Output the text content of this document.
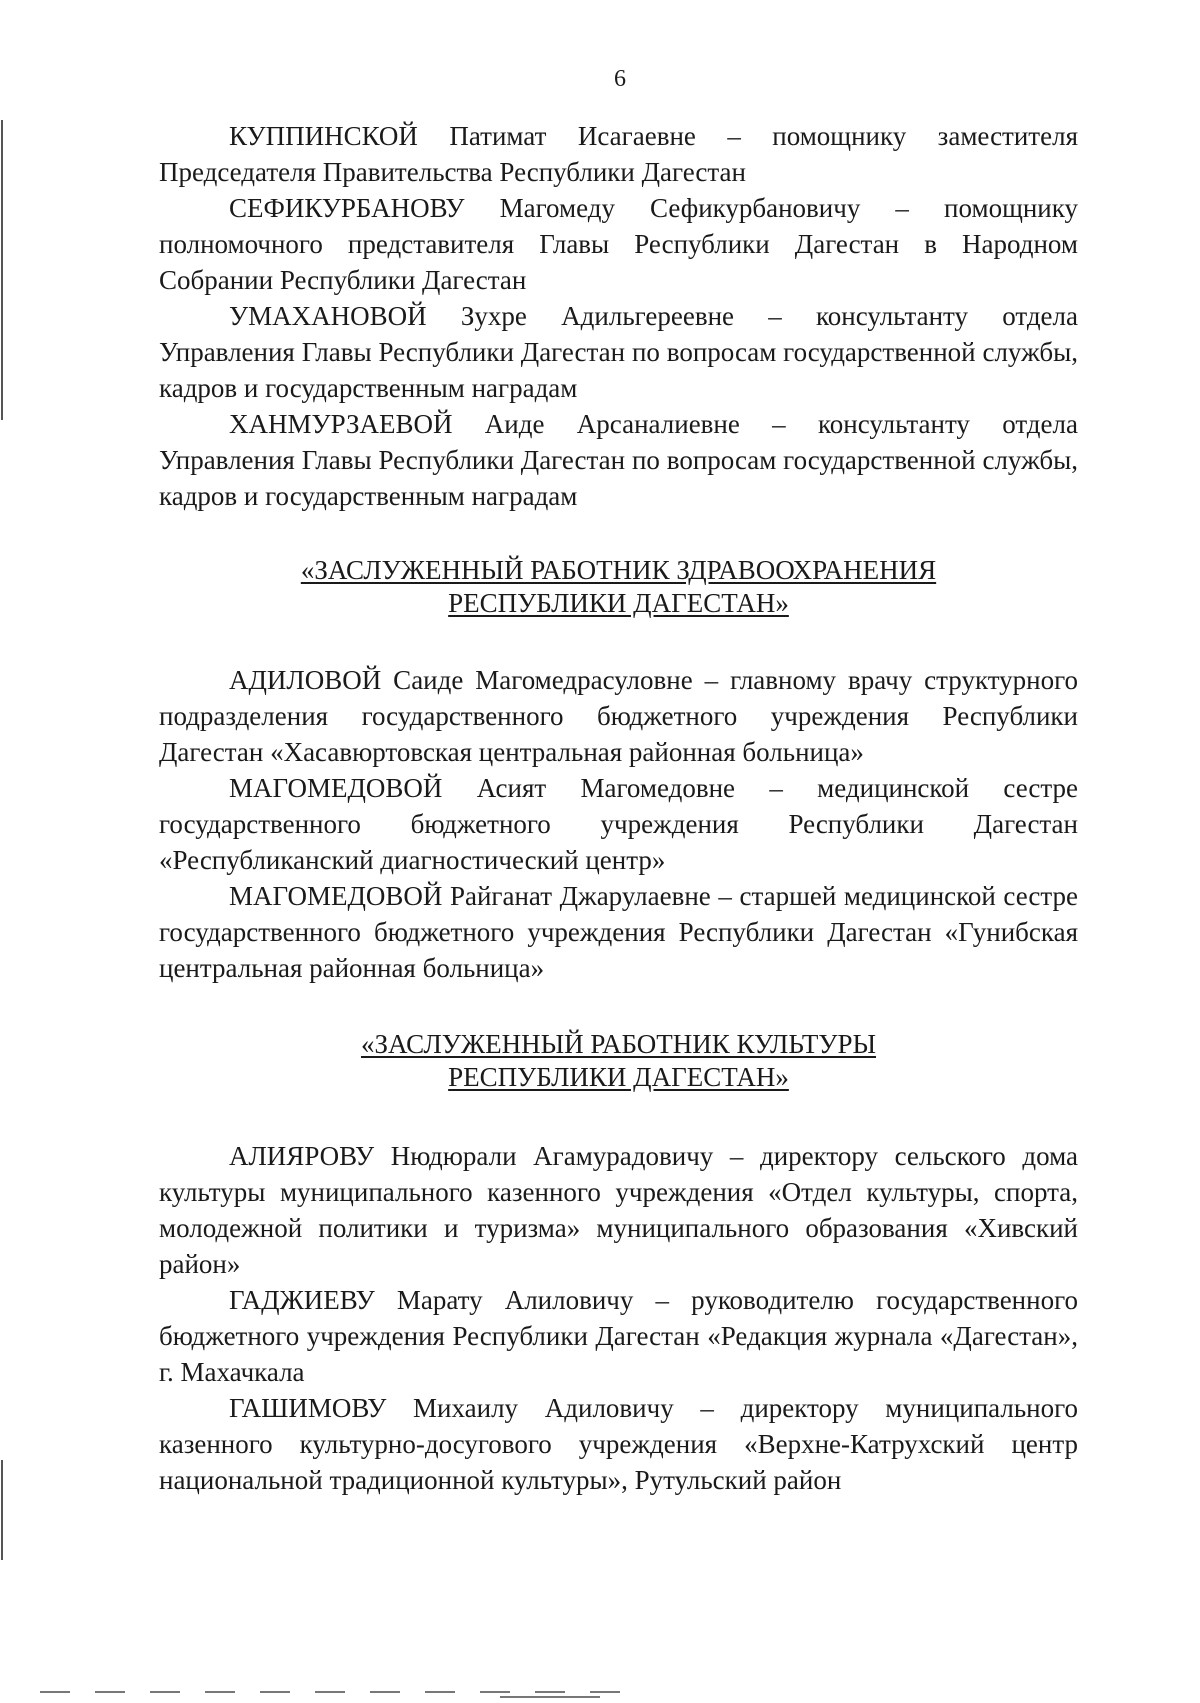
6

КУППИНСКОЙ Патимат Исагаевне – помощнику заместителя Председателя Правительства Республики Дагестан

СЕФИКУРБАНОВУ Магомеду Сефикурбановичу – помощнику полномочного представителя Главы Республики Дагестан в Народном Собрании Республики Дагестан

УМАХАНОВОЙ Зухре Адильгереевне – консультанту отдела Управления Главы Республики Дагестан по вопросам государственной службы, кадров и государственным наградам

ХАНМУРЗАЕВОЙ Аиде Арсаналиевне – консультанту отдела Управления Главы Республики Дагестан по вопросам государственной службы, кадров и государственным наградам

«ЗАСЛУЖЕННЫЙ РАБОТНИК ЗДРАВООХРАНЕНИЯ
РЕСПУБЛИКИ ДАГЕСТАН»

АДИЛОВОЙ Саиде Магомедрасуловне – главному врачу структурного подразделения государственного бюджетного учреждения Республики Дагестан «Хасавюртовская центральная районная больница»

МАГОМЕДОВОЙ Асият Магомедовне – медицинской сестре государственного бюджетного учреждения Республики Дагестан «Республиканский диагностический центр»

МАГОМЕДОВОЙ Райганат Джарулаевне – старшей медицинской сестре государственного бюджетного учреждения Республики Дагестан «Гунибская центральная районная больница»

«ЗАСЛУЖЕННЫЙ РАБОТНИК КУЛЬТУРЫ
РЕСПУБЛИКИ ДАГЕСТАН»

АЛИЯРОВУ Нюдюрали Агамурадовичу – директору сельского дома культуры муниципального казенного учреждения «Отдел культуры, спорта, молодежной политики и туризма» муниципального образования «Хивский район»

ГАДЖИЕВУ Марату Алиловичу – руководителю государственного бюджетного учреждения Республики Дагестан «Редакция журнала «Дагестан», г. Махачкала

ГАШИМОВУ Михаилу Адиловичу – директору муниципального казенного культурно-досугового учреждения «Верхне-Катрухский центр национальной традиционной культуры», Рутульский район
